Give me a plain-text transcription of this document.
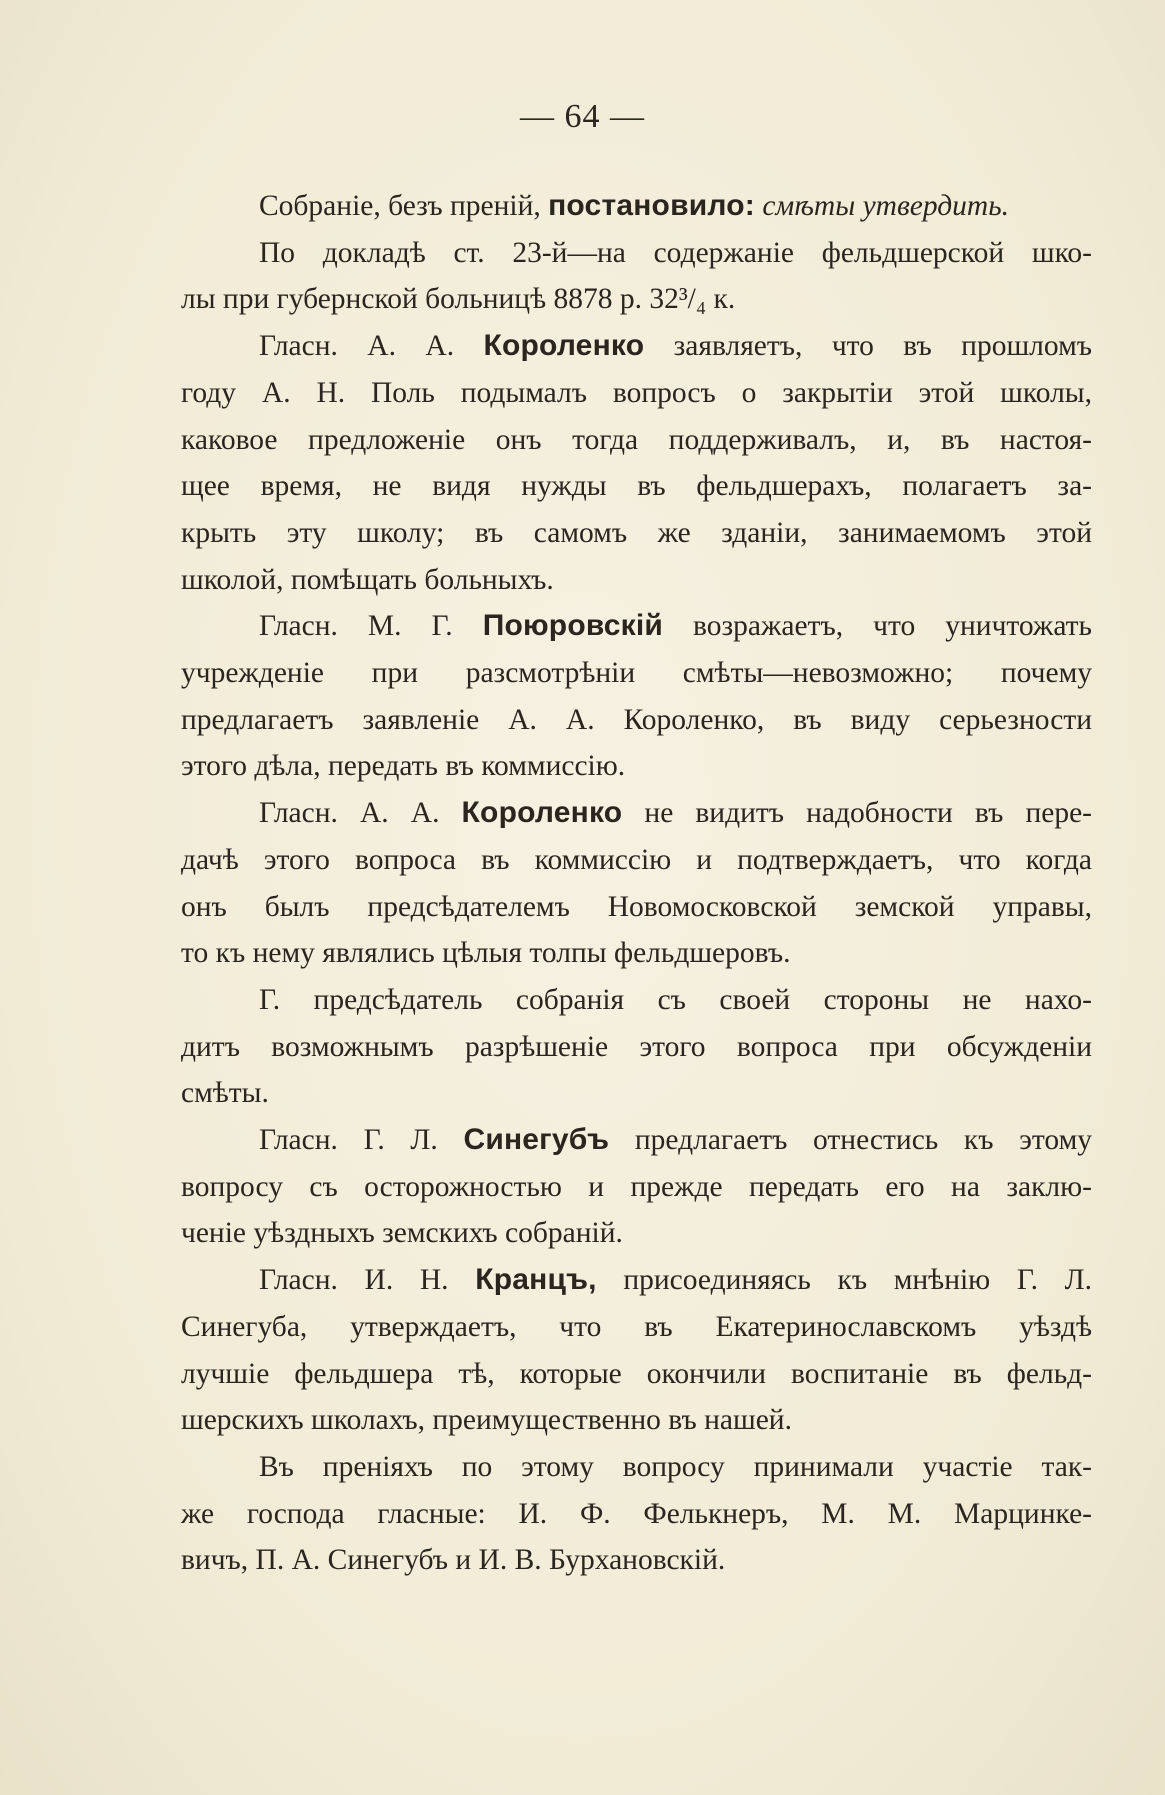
— 64 —
Собраніе, безъ преній, постановило: смѣты утвердить.
По докладѣ ст. 23-й—на содержаніе фельдшерской шко-
лы при губернской больницѣ 8878 р. 32³/₄ к.
Гласн. А. А. Короленко заявляетъ, что въ прошломъ
году А. Н. Поль подымалъ вопросъ о закрытіи этой школы,
каковое предложеніе онъ тогда поддерживалъ, и, въ настоя-
щее время, не видя нужды въ фельдшерахъ, полагаетъ за-
крыть эту школу; въ самомъ же зданіи, занимаемомъ этой
школой, помѣщать больныхъ.
Гласн. М. Г. Поюровскій возражаетъ, что уничтожать
учрежденіе при разсмотрѣніи смѣты—невозможно; почему
предлагаетъ заявленіе А. А. Короленко, въ виду серьезности
этого дѣла, передать въ коммиссію.
Гласн. А. А. Короленко не видитъ надобности въ пере-
дачѣ этого вопроса въ коммиссію и подтверждаетъ, что когда
онъ былъ предсѣдателемъ Новомосковской земской управы,
то къ нему являлись цѣлыя толпы фельдшеровъ.
Г. предсѣдатель собранія съ своей стороны не нахо-
дитъ возможнымъ разрѣшеніе этого вопроса при обсужденіи
смѣты.
Гласн. Г. Л. Синегубъ предлагаетъ отнестись къ этому
вопросу съ осторожностью и прежде передать его на заклю-
ченіе уѣздныхъ земскихъ собраній.
Гласн. И. Н. Кранцъ, присоединяясь къ мнѣнію Г. Л.
Синегуба, утверждаетъ, что въ Екатеринославскомъ уѣздѣ
лучшіе фельдшера тѣ, которые окончили воспитаніе въ фельд-
шерскихъ школахъ, преимущественно въ нашей.
Въ преніяхъ по этому вопросу принимали участіе так-
же господа гласные: И. Ф. Фелькнеръ, М. М. Марцинке-
вичъ, П. А. Синегубъ и И. В. Бурхановскій.
